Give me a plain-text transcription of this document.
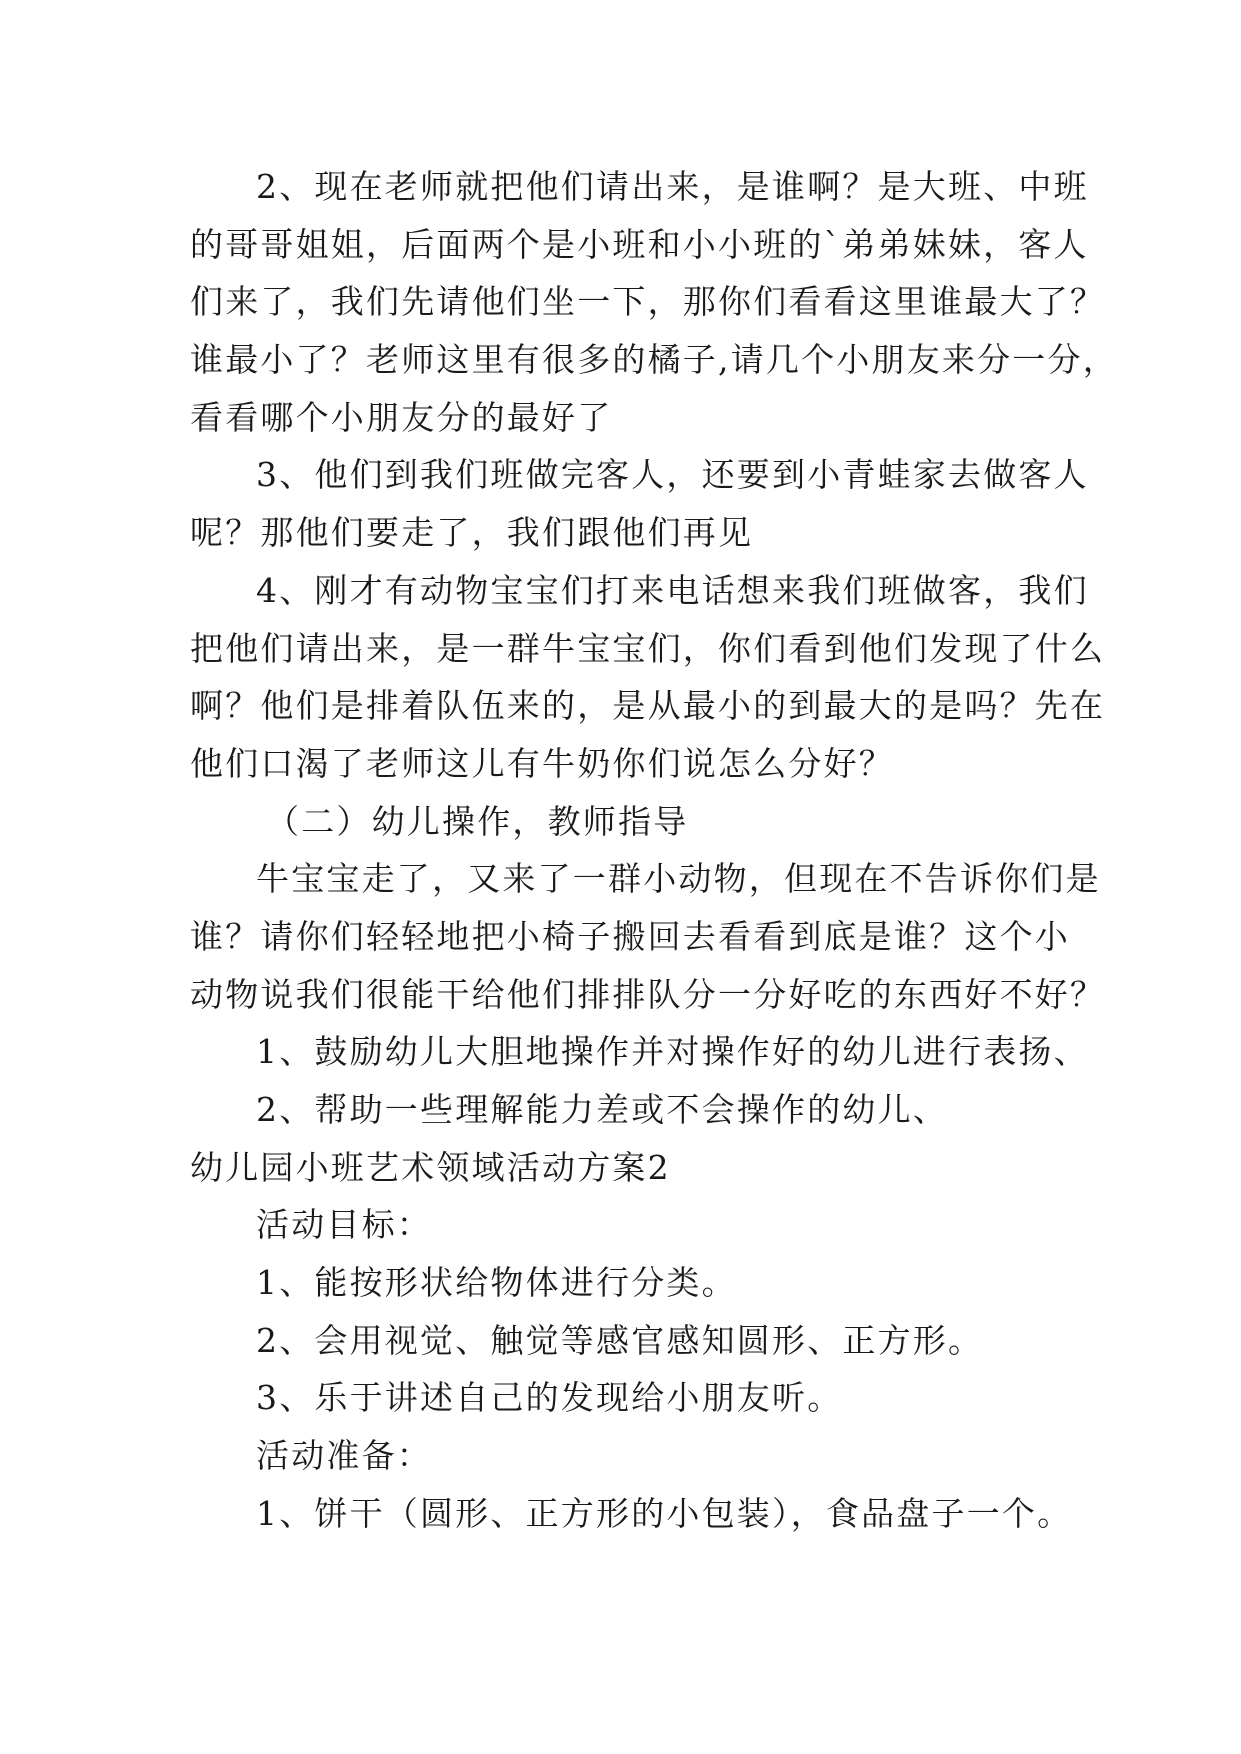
2、现在老师就把他们请出来，是谁啊？是大班、中班
的哥哥姐姐，后面两个是小班和小小班的`弟弟妹妹，客人
们来了，我们先请他们坐一下，那你们看看这里谁最大了？
谁最小了？老师这里有很多的橘子,请几个小朋友来分一分，
看看哪个小朋友分的最好了
3、他们到我们班做完客人，还要到小青蛙家去做客人
呢？那他们要走了，我们跟他们再见
4、刚才有动物宝宝们打来电话想来我们班做客，我们
把他们请出来，是一群牛宝宝们，你们看到他们发现了什么
啊？他们是排着队伍来的，是从最小的到最大的是吗？先在
他们口渴了老师这儿有牛奶你们说怎么分好？
（二）幼儿操作，教师指导
牛宝宝走了，又来了一群小动物，但现在不告诉你们是
谁？请你们轻轻地把小椅子搬回去看看到底是谁？这个小
动物说我们很能干给他们排排队分一分好吃的东西好不好？
1、鼓励幼儿大胆地操作并对操作好的幼儿进行表扬、
2、帮助一些理解能力差或不会操作的幼儿、
幼儿园小班艺术领域活动方案2
活动目标：
1、能按形状给物体进行分类。
2、会用视觉、触觉等感官感知圆形、正方形。
3、乐于讲述自己的发现给小朋友听。
活动准备：
1、饼干（圆形、正方形的小包装），食品盘子一个。
